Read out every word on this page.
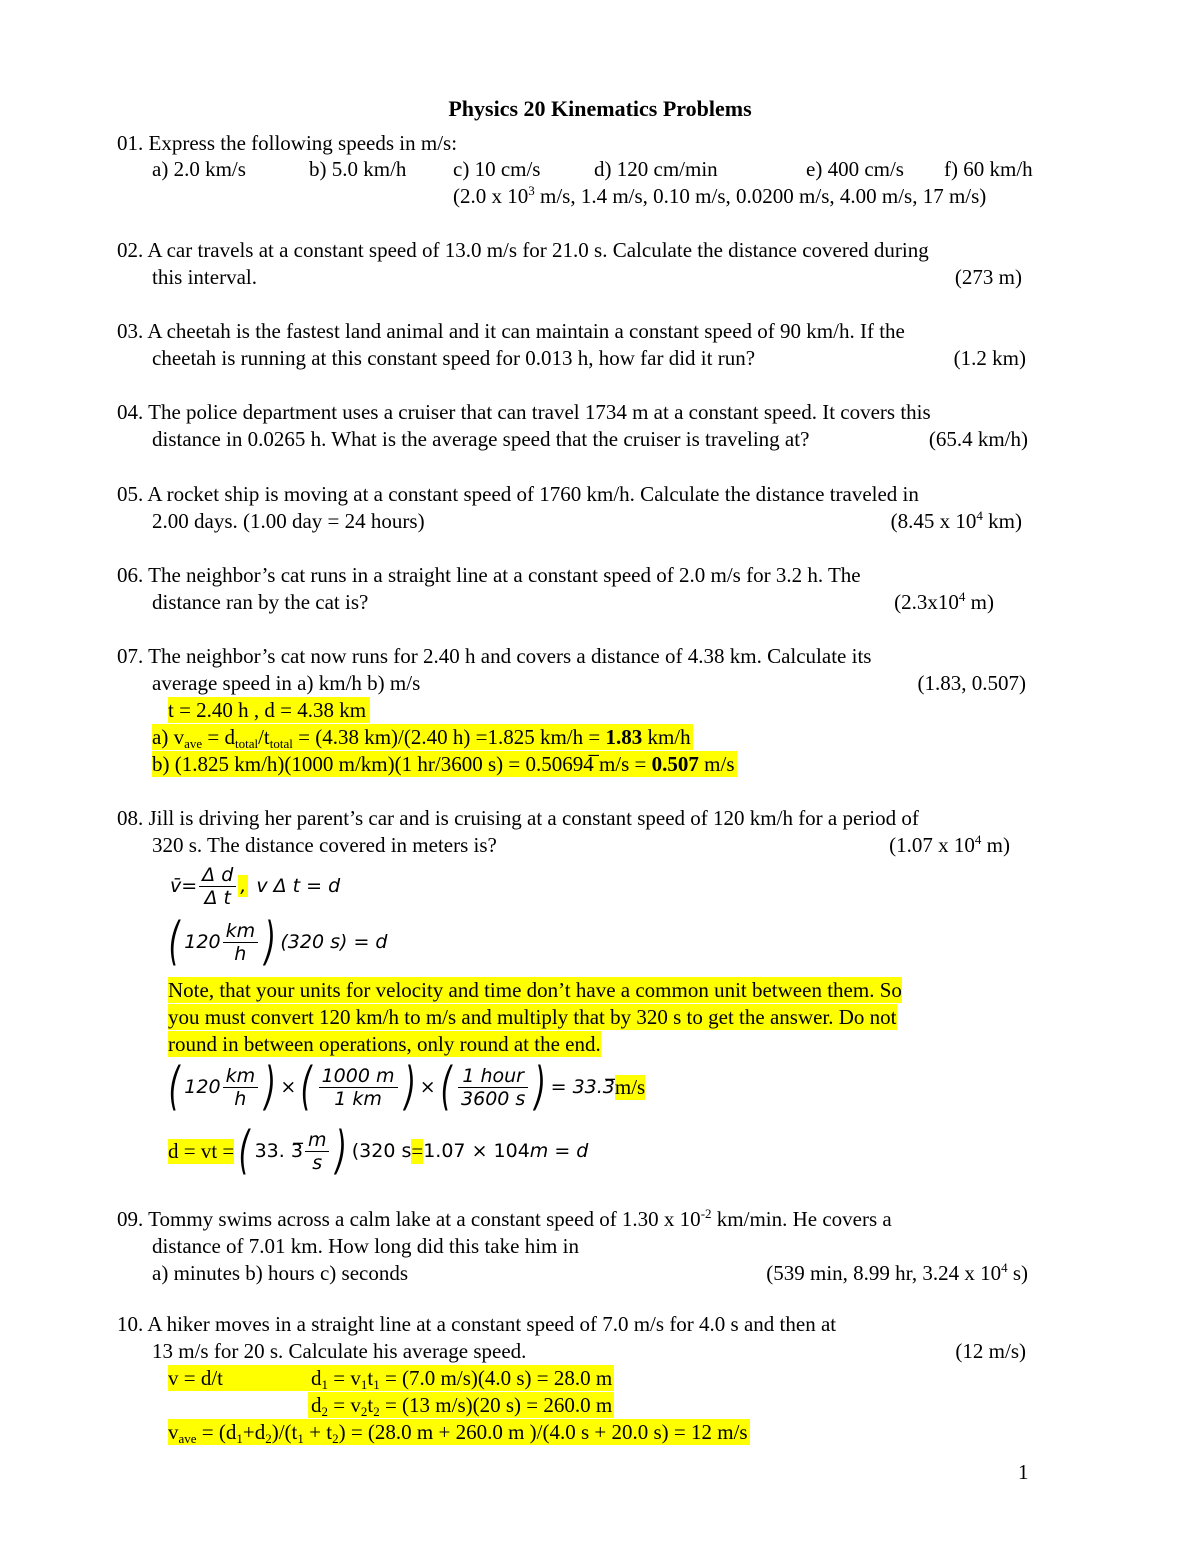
Physics 20 Kinematics Problems
01. Express the following speeds in m/s:
a) 2.0 km/s	b) 5.0 km/h c) 10 cm/s	d) 120 cm/min	e) 400 cm/s f) 60 km/h
(2.0 x $10^3$ m/s, 1.4 m/s, 0.10 m/s, 0.0200 m/s, 4.00 m/s, 17 m/s)
02. A car travels at a constant speed of 13.0 m/s for 21.0 s. Calculate the distance covered during
this interval.	(273 m)
03. A cheetah is the fastest land animal and it can maintain a constant speed of 90 km/h. If the
cheetah is running at this constant speed for 0.013 h, how far did it run?	(1.2 km)
04. The police department uses a cruiser that can travel 1734 m at a constant speed. It covers this
distance in 0.0265 h. What is the average speed that the cruiser is traveling at?	(65.4 km/h)
05. A rocket ship is moving at a constant speed of 1760 km/h. Calculate the distance traveled in
2.00 days. (1.00 day = 24 hours)	(8.45 x $10^4$ km)
06. The neighbor’s cat runs in a straight line at a constant speed of 2.0 m/s for 3.2 h. The
distance ran by the cat is?	($2.3x10^4$ m)
07. The neighbor’s cat now runs for 2.40 h and covers a distance of 4.38 km. Calculate its
average speed in a) km/h b) m/s	(1.83, 0.507)
t = 2.40 h , d = 4.38 km
a) $v_{ave} = d_{total}/t_{total} = (4.38$ km)/(2.40 h) =1.825 km/h = 1.83 km/h
b) (1.825 km/h)(1000 m/km)(1 hr/3600 s) = 0.50694̅ m/s = 0.507 m/s
08. Jill is driving her parent’s car and is cruising at a constant speed of 120 km/h for a period of
320 s. The distance covered in meters is?	(1.07 x $10^4$ m)
v̄= $\frac{\text{Δ d}}{\text{Δ t}}$ , v Δ t = d
( $120 \frac{km}{h}$ ) (320 s) = d
Note, that your units for velocity and time don’t have a common unit between them. So
you must convert 120 km/h to m/s and multiply that by 320 s to get the answer. Do not
round in between operations, only round at the end.
( $120 \frac{km}{h}$ ) × ( $\frac{1000 m}{1 km}$ ) × ( $\frac{\text{1 hour}}{3600 s}$ ) = 33.3̅ m/s
d = vt = ( 33. 3̅ $\frac{m}{s}$ ) (320 s = 1.07 × 10 4 m = d
09. Tommy swims across a calm lake at a constant speed of 1.30 x $10^{-2}$ km/min. He covers a
distance of 7.01 km. How long did this take him in
a) minutes b) hours c) seconds	(539 min, 8.99 hr, 3.24 x $10^4$ s)
10. A hiker moves in a straight line at a constant speed of 7.0 m/s for 4.0 s and then at
13 m/s for 20 s. Calculate his average speed.	(12 m/s)
v = d/t	$d_1 = v_1t_1 = (7.0$ m/s)(4.0 s) = 28.0 m
$d_2 = v_2t_2 = (13$ m/s)(20 s) = 260.0 m
$v_{ave} = (d_1+d_2)/(t_1 + t_2) = (28.0$ m + 260.0 m )/(4.0 s + 20.0 s) = 12 m/s
1
